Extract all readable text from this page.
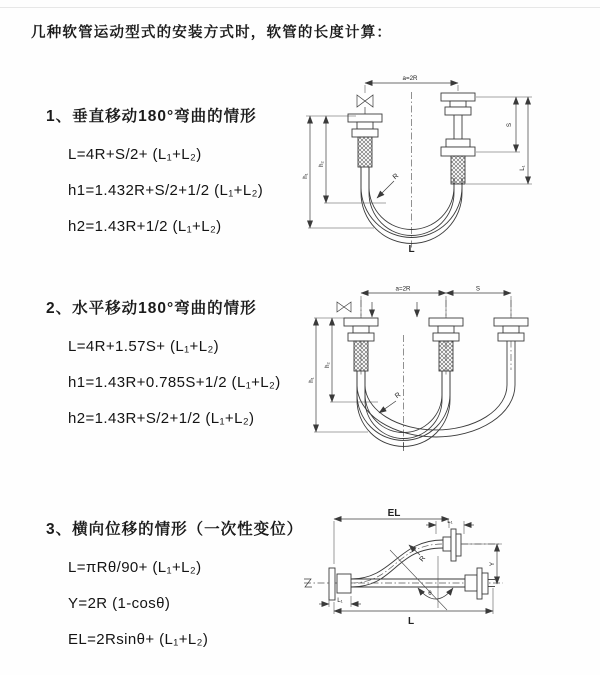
几种软管运动型式的安装方式时，软管的长度计算：
1、垂直移动180°弯曲的情形
L=4R+S/2+ (L₁+L₂)
h1=1.432R+S/2+1/2 (L₁+L₂)
h2=1.43R+1/2 (L₁+L₂)
a=2R
S
L₁
h₁
h₂
R
L
2、水平移动180°弯曲的情形
L=4R+1.57S+ (L₁+L₂)
h1=1.43R+0.785S+1/2 (L₁+L₂)
h2=1.43R+S/2+1/2 (L₁+L₂)
a=2R	S
h₁
h₂
R
3、横向位移的情形（一次性变位）
L=πRθ/90+ (L₁+L₂)
Y=2R (1-cosθ)
EL=2Rsinθ+ (L₁+L₂)
EL
L₁
L₁
Y
R
θ
L
